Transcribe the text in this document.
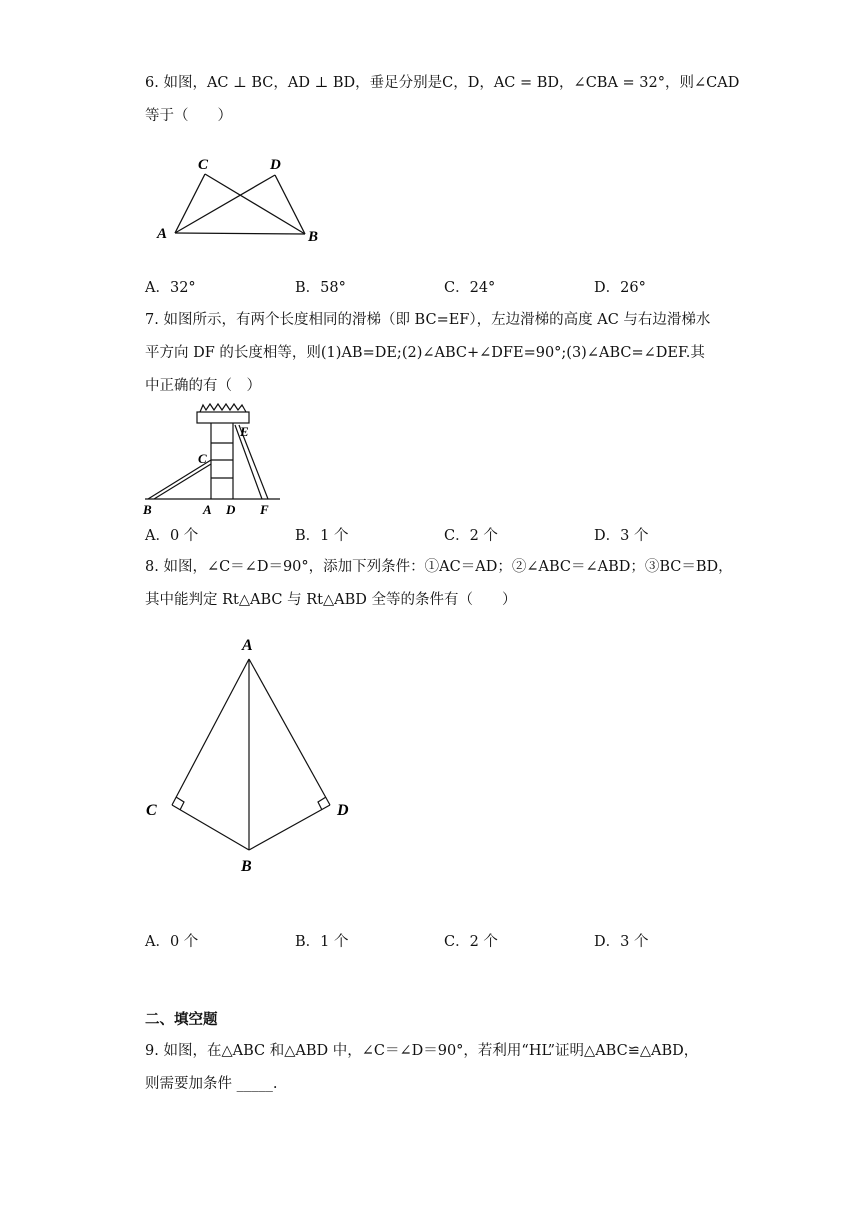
6. 如图，AC ⊥ BC，AD ⊥ BD，垂足分别是C，D，AC = BD，∠CBA = 32°，则∠CAD
等于（　　）
A	B
C	D
A．32°	B．58°	C．24°	D．26°
7. 如图所示，有两个长度相同的滑梯（即 BC=EF），左边滑梯的高度 AC 与右边滑梯水
平方向 DF 的长度相等，则(1)AB=DE;(2)∠ABC+∠DFE=90°;(3)∠ABC=∠DEF.其
中正确的有（　）
B	A D F
C
E
A．0 个	B．1 个	C．2 个	D．3 个
8. 如图，∠C＝∠D＝90°，添加下列条件：①AC＝AD；②∠ABC＝∠ABD；③BC＝BD，
其中能判定 Rt△ABC 与 Rt△ABD 全等的条件有（　　）
A
C	D
B
A．0 个	B．1 个	C．2 个	D．3 个
二、填空题
9. 如图，在△ABC 和△ABD 中，∠C＝∠D＝90°，若利用“HL”证明△ABC≌△ABD，
则需要加条件 _____.
